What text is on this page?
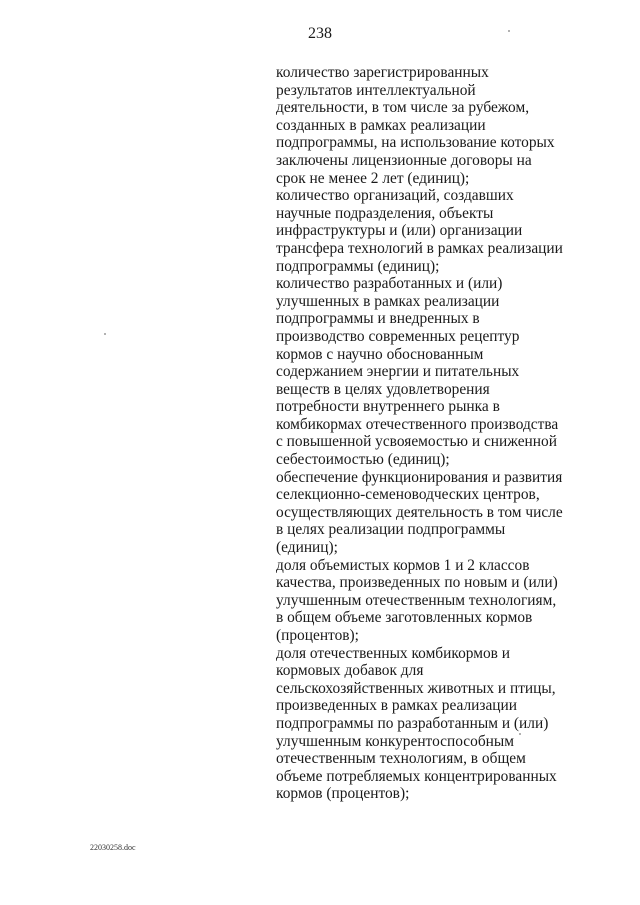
238
количество зарегистрированных
результатов интеллектуальной
деятельности, в том числе за рубежом,
созданных в рамках реализации
подпрограммы, на использование которых
заключены лицензионные договоры на
срок не менее 2 лет (единиц);
количество организаций, создавших
научные подразделения, объекты
инфраструктуры и (или) организации
трансфера технологий в рамках реализации
подпрограммы (единиц);
количество разработанных и (или)
улучшенных в рамках реализации
подпрограммы и внедренных в
производство современных рецептур
кормов с научно обоснованным
содержанием энергии и питательных
веществ в целях удовлетворения
потребности внутреннего рынка в
комбикормах отечественного производства
с повышенной усвояемостью и сниженной
себестоимостью (единиц);
обеспечение функционирования и развития
селекционно-семеноводческих центров,
осуществляющих деятельность в том числе
в целях реализации подпрограммы
(единиц);
доля объемистых кормов 1 и 2 классов
качества, произведенных по новым и (или)
улучшенным отечественным технологиям,
в общем объеме заготовленных кормов
(процентов);
доля отечественных комбикормов и
кормовых добавок для
сельскохозяйственных животных и птицы,
произведенных в рамках реализации
подпрограммы по разработанным и (или)
улучшенным конкурентоспособным
отечественным технологиям, в общем
объеме потребляемых концентрированных
кормов (процентов);
22030258.doc
